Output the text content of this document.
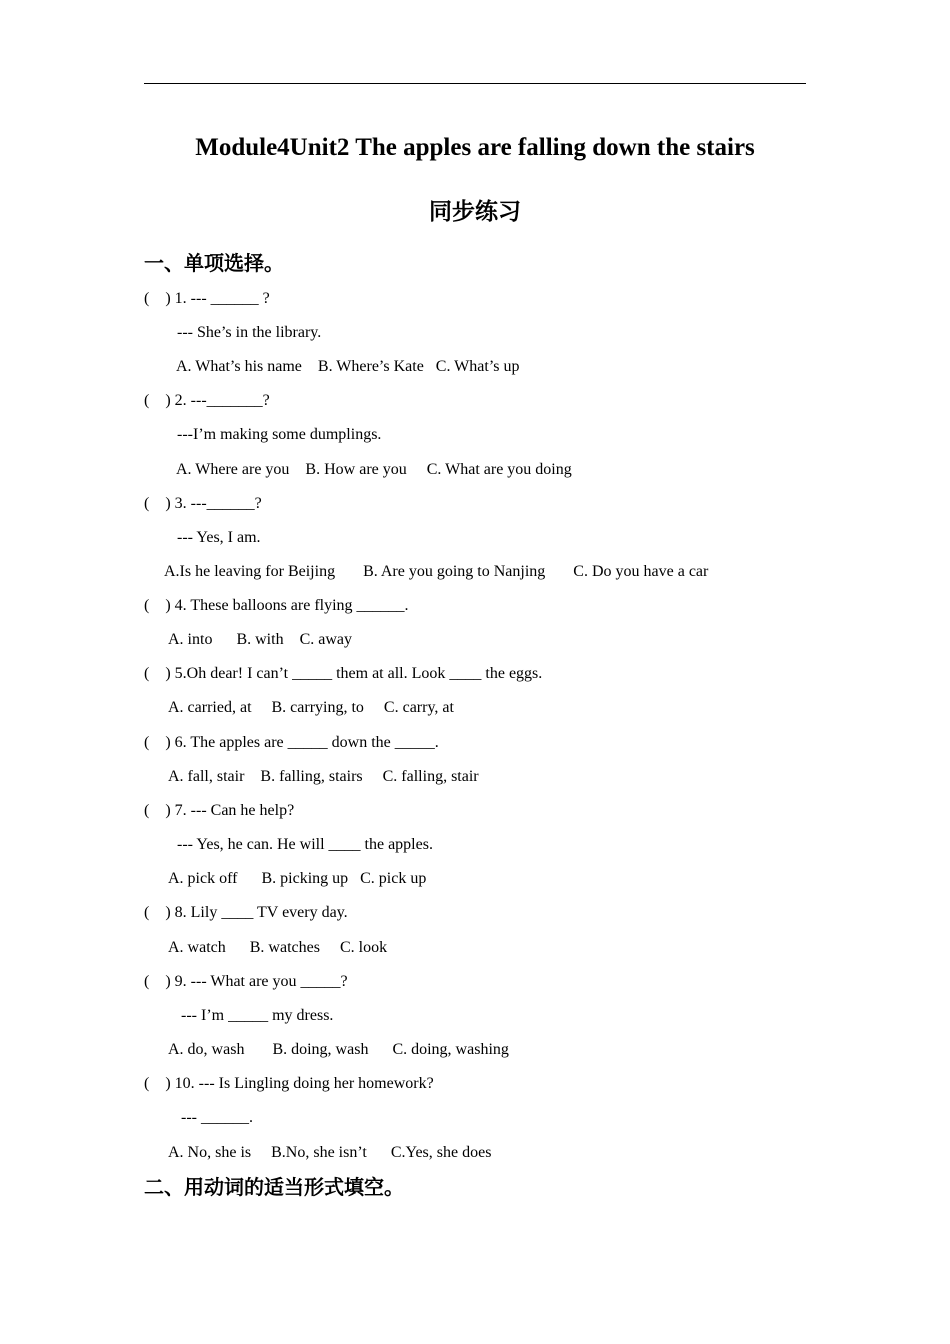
Module4Unit2 The apples are falling down the stairs
同步练习
一、单项选择。
(    ) 1. --- ______ ?
--- She’s in the library.
A. What’s his name    B. Where’s Kate   C. What’s up
(    ) 2. ---_______?
---I’m making some dumplings.
A. Where are you    B. How are you     C. What are you doing
(    ) 3. ---______?
--- Yes, I am.
A.Is he leaving for Beijing       B. Are you going to Nanjing       C. Do you have a car
(    ) 4. These balloons are flying ______.
A. into      B. with    C. away
(    ) 5.Oh dear! I can’t _____ them at all. Look ____ the eggs.
A. carried, at     B. carrying, to     C. carry, at
(    ) 6. The apples are _____ down the _____.
A. fall, stair    B. falling, stairs     C. falling, stair
(    ) 7. --- Can he help?
--- Yes, he can. He will ____ the apples.
A. pick off      B. picking up   C. pick up
(    ) 8. Lily ____ TV every day.
A. watch      B. watches     C. look
(    ) 9. --- What are you _____?
--- I’m _____ my dress.
A. do, wash       B. doing, wash      C. doing, washing
(    ) 10. --- Is Lingling doing her homework?
--- ______.
A. No, she is     B.No, she isn’t      C.Yes, she does
二、用动词的适当形式填空。
